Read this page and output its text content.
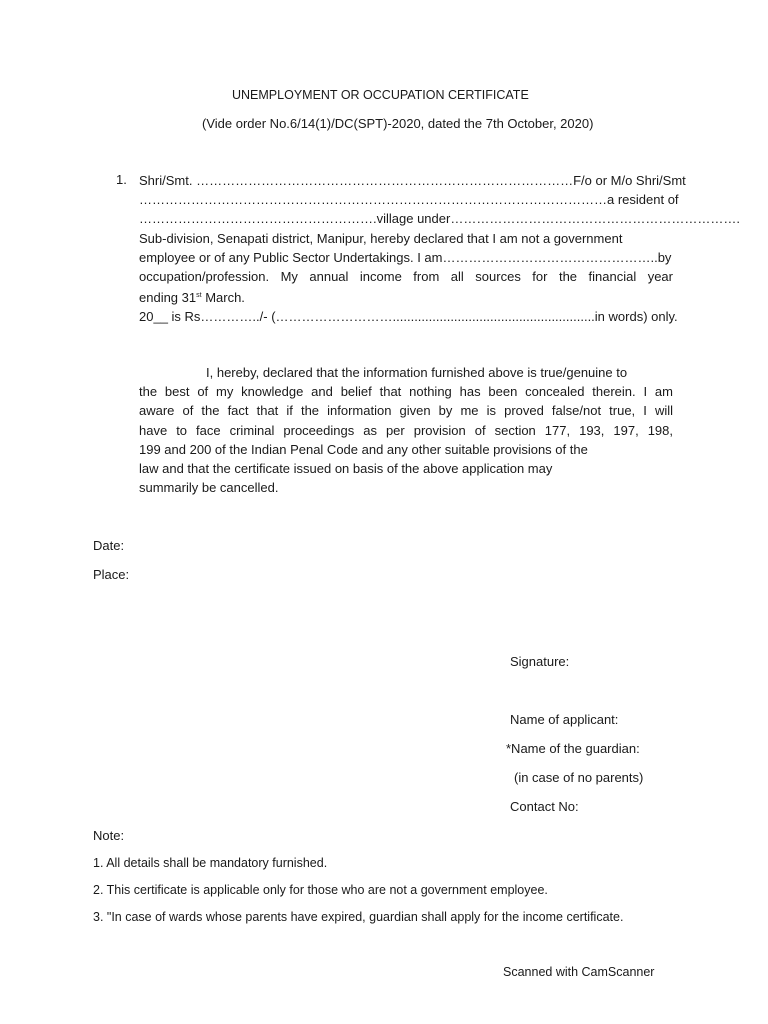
UNEMPLOYMENT OR OCCUPATION CERTIFICATE
(Vide order No.6/14(1)/DC(SPT)-2020, dated the 7th October, 2020)
1. Shri/Smt. ……………………………………………………………………………F/o or M/o Shri/Smt
………………………………………………………………………………………………a resident of
……………………………………………….village under………………………………………………………….
Sub-division, Senapati district, Manipur, hereby declared that I am not a government
employee or of any Public Sector Undertakings. I am…………………………………………..by
occupation/profession. My annual income from all sources for the financial year
ending 31st March.
20__ is Rs…………../- (………………………........................................................in words) only.
I, hereby, declared that the information furnished above is true/genuine to
the best of my knowledge and belief that nothing has been concealed therein. I am
aware of the fact that if the information given by me is proved false/not true, I will
have to face criminal proceedings as per provision of section 177, 193, 197, 198,
199 and 200 of the Indian Penal Code and any other suitable provisions of the
law and that the certificate issued on basis of the above application may
summarily be cancelled.
Date:
Place:
Signature:
Name of applicant:
*Name of the guardian:
(in case of no parents)
Contact No:
Note:
1. All details shall be mandatory furnished.
2. This certificate is applicable only for those who are not a government employee.
3. "In case of wards whose parents have expired, guardian shall apply for the income certificate.
Scanned with CamScanner
